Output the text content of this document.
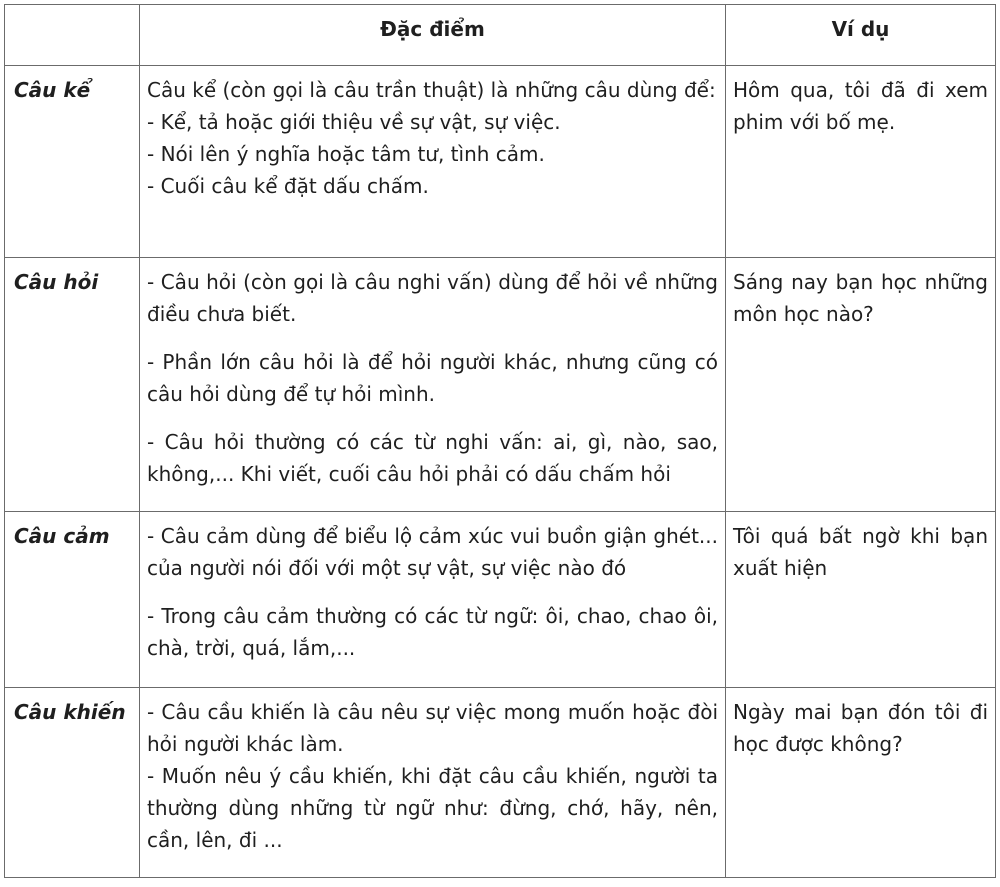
	Đặc điểm	Ví dụ
Câu kể	Câu kể (còn gọi là câu trần thuật) là những câu dùng để:
- Kể, tả hoặc giới thiệu về sự vật, sự việc.
- Nói lên ý nghĩa hoặc tâm tư, tình cảm.
- Cuối câu kể đặt dấu chấm.	Hôm qua, tôi đã đi xem phim với bố mẹ.
Câu hỏi	- Câu hỏi (còn gọi là câu nghi vấn) dùng để hỏi về những điều chưa biết.
- Phần lớn câu hỏi là để hỏi người khác, nhưng cũng có câu hỏi dùng để tự hỏi mình.
- Câu hỏi thường có các từ nghi vấn: ai, gì, nào, sao, không,... Khi viết, cuối câu hỏi phải có dấu chấm hỏi	Sáng nay bạn học những môn học nào?
Câu cảm	- Câu cảm dùng để biểu lộ cảm xúc vui buồn giận ghét... của người nói đối với một sự vật, sự việc nào đó
- Trong câu cảm thường có các từ ngữ: ôi, chao, chao ôi, chà, trời, quá, lắm,...	Tôi quá bất ngờ khi bạn xuất hiện
Câu khiến	- Câu cầu khiến là câu nêu sự việc mong muốn hoặc đòi hỏi người khác làm.
- Muốn nêu ý cầu khiến, khi đặt câu cầu khiến, người ta thường dùng những từ ngữ như: đừng, chớ, hãy, nên, cần, lên, đi ...	Ngày mai bạn đón tôi đi học được không?
